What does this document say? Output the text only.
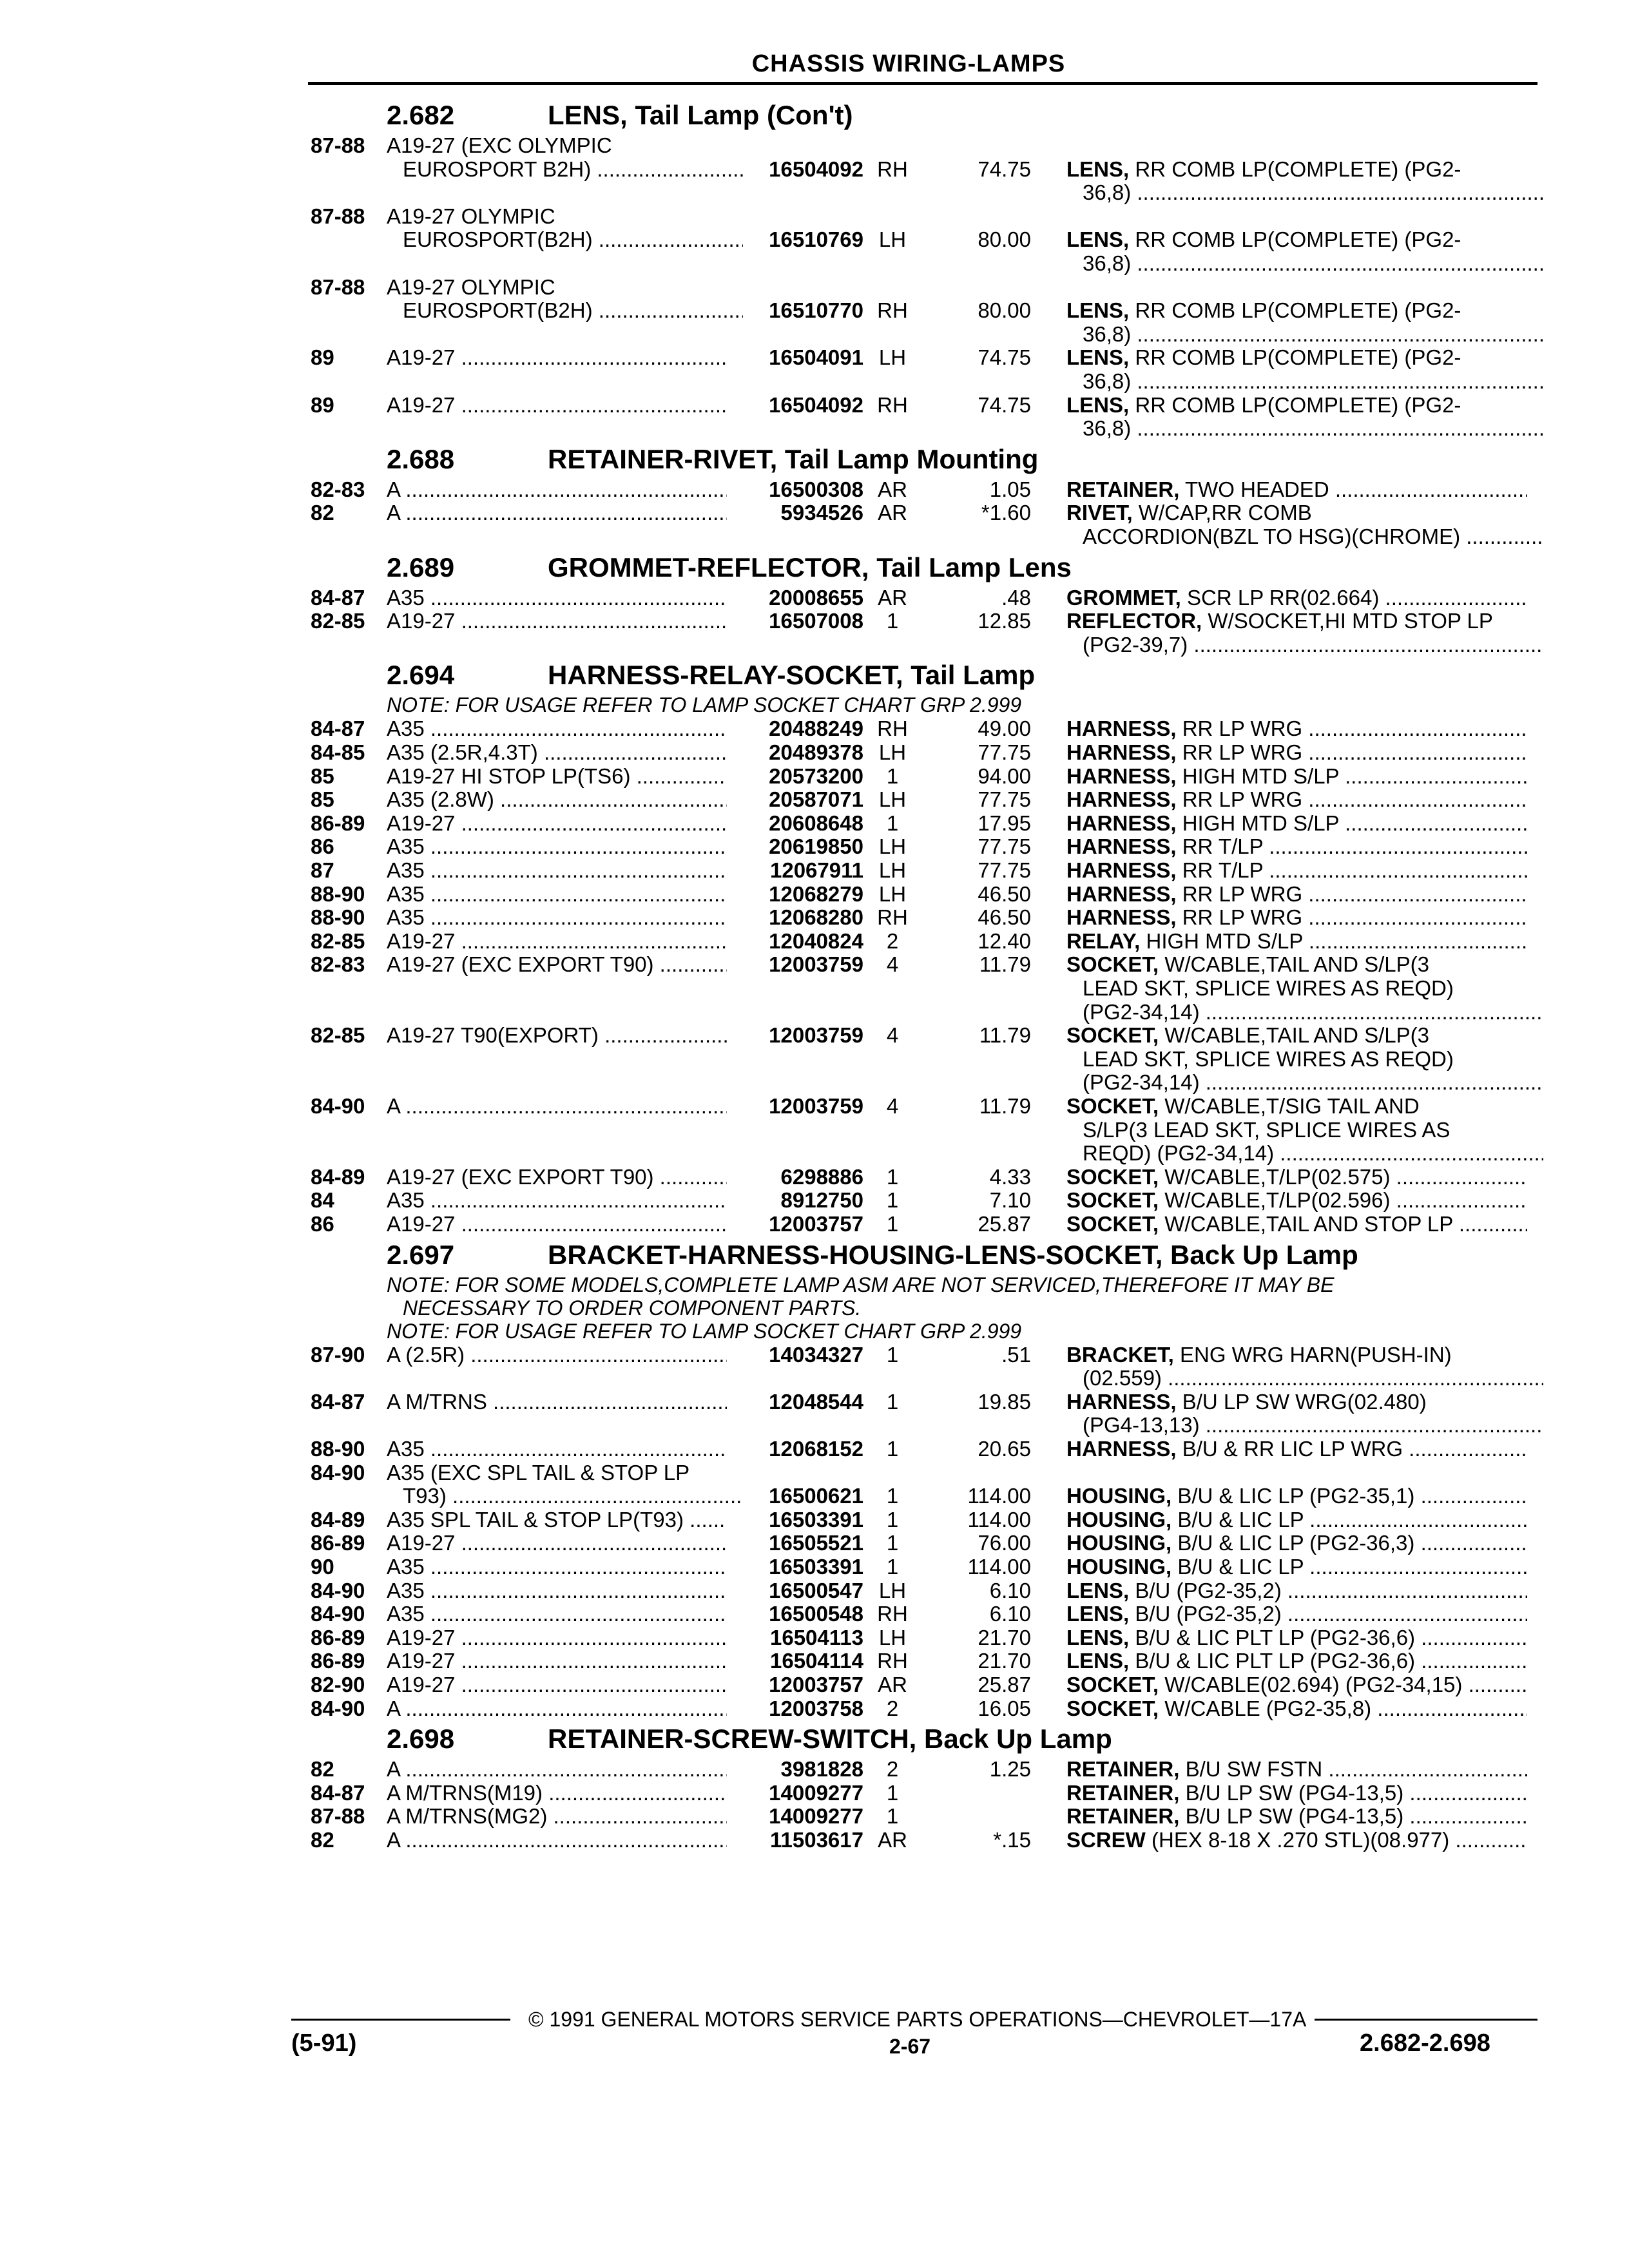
CHASSIS WIRING-LAMPS
2.682	LENS, Tail Lamp (Con't)
87-88 A19-27 (EXC OLYMPIC
EUROSPORT B2H) .....	16504092 RH	74.75 LENS, RR COMB LP(COMPLETE) (PG2-
36,8) .....
87-88 A19-27 OLYMPIC
EUROSPORT(B2H) .....	16510769 LH	80.00 LENS, RR COMB LP(COMPLETE) (PG2-
36,8) .....
87-88 A19-27 OLYMPIC
EUROSPORT(B2H) .....	16510770 RH	80.00 LENS, RR COMB LP(COMPLETE) (PG2-
36,8) .....
89 A19-27 .....	16504091 LH	74.75 LENS, RR COMB LP(COMPLETE) (PG2-
36,8) .....
89 A19-27 .....	16504092 RH	74.75 LENS, RR COMB LP(COMPLETE) (PG2-
36,8) .....
2.688	RETAINER-RIVET, Tail Lamp Mounting
82-83 A .....	16500308 AR	1.05 RETAINER, TWO HEADED .....
82 A .....	5934526 AR	*1.60 RIVET, W/CAP,RR COMB
ACCORDION(BZL TO HSG)(CHROME) .....
2.689	GROMMET-REFLECTOR, Tail Lamp Lens
84-87 A35 .....	20008655 AR	.48 GROMMET, SCR LP RR(02.664) .....
82-85 A19-27 .....	16507008	1	12.85 REFLECTOR, W/SOCKET,HI MTD STOP LP
(PG2-39,7) .....
2.694	HARNESS-RELAY-SOCKET, Tail Lamp
NOTE: FOR USAGE REFER TO LAMP SOCKET CHART GRP 2.999
84-87 A35 .....	20488249 RH	49.00 HARNESS, RR LP WRG .....
84-85 A35 (2.5R,4.3T) .....	20489378 LH	77.75 HARNESS, RR LP WRG .....
85 A19-27 HI STOP LP(TS6) .....	20573200	1	94.00 HARNESS, HIGH MTD S/LP .....
85 A35 (2.8W) .....	20587071 LH	77.75 HARNESS, RR LP WRG .....
86-89 A19-27 .....	20608648	1	17.95 HARNESS, HIGH MTD S/LP .....
86 A35 .....	20619850 LH	77.75 HARNESS, RR T/LP .....
87 A35 .....	12067911 LH	77.75 HARNESS, RR T/LP .....
88-90 A35 .....	12068279 LH	46.50 HARNESS, RR LP WRG .....
88-90 A35 .....	12068280 RH	46.50 HARNESS, RR LP WRG .....
82-85 A19-27 .....	12040824	2	12.40 RELAY, HIGH MTD S/LP .....
82-83 A19-27 (EXC EXPORT T90) .....	12003759	4	11.79 SOCKET, W/CABLE,TAIL AND S/LP(3
LEAD SKT, SPLICE WIRES AS REQD)
(PG2-34,14) .....
82-85 A19-27 T90(EXPORT) .....	12003759	4	11.79 SOCKET, W/CABLE,TAIL AND S/LP(3
LEAD SKT, SPLICE WIRES AS REQD)
(PG2-34,14) .....
84-90 A .....	12003759	4	11.79 SOCKET, W/CABLE,T/SIG TAIL AND
S/LP(3 LEAD SKT, SPLICE WIRES AS
REQD) (PG2-34,14) .....
84-89 A19-27 (EXC EXPORT T90) .....	6298886	1	4.33 SOCKET, W/CABLE,T/LP(02.575) .....
84 A35 .....	8912750	1	7.10 SOCKET, W/CABLE,T/LP(02.596) .....
86 A19-27 .....	12003757	1	25.87 SOCKET, W/CABLE,TAIL AND STOP LP .....
2.697	BRACKET-HARNESS-HOUSING-LENS-SOCKET, Back Up Lamp
NOTE: FOR SOME MODELS,COMPLETE LAMP ASM ARE NOT SERVICED,THEREFORE IT MAY BE
NECESSARY TO ORDER COMPONENT PARTS.
NOTE: FOR USAGE REFER TO LAMP SOCKET CHART GRP 2.999
87-90 A (2.5R) .....	14034327	1	.51 BRACKET, ENG WRG HARN(PUSH-IN)
(02.559) .....
84-87 A M/TRNS .....	12048544	1	19.85 HARNESS, B/U LP SW WRG(02.480)
(PG4-13,13) .....
88-90 A35 .....	12068152	1	20.65 HARNESS, B/U & RR LIC LP WRG .....
84-90 A35 (EXC SPL TAIL & STOP LP
T93) .....	16500621	1	114.00 HOUSING, B/U & LIC LP (PG2-35,1) .....
84-89 A35 SPL TAIL & STOP LP(T93) .....	16503391	1	114.00 HOUSING, B/U & LIC LP .....
86-89 A19-27 .....	16505521	1	76.00 HOUSING, B/U & LIC LP (PG2-36,3) .....
90 A35 .....	16503391	1	114.00 HOUSING, B/U & LIC LP .....
84-90 A35 .....	16500547 LH	6.10 LENS, B/U (PG2-35,2) .....
84-90 A35 .....	16500548 RH	6.10 LENS, B/U (PG2-35,2) .....
86-89 A19-27 .....	16504113 LH	21.70 LENS, B/U & LIC PLT LP (PG2-36,6) .....
86-89 A19-27 .....	16504114 RH	21.70 LENS, B/U & LIC PLT LP (PG2-36,6) .....
82-90 A19-27 .....	12003757 AR	25.87 SOCKET, W/CABLE(02.694) (PG2-34,15) .....
84-90 A .....	12003758	2	16.05 SOCKET, W/CABLE (PG2-35,8) .....
2.698	RETAINER-SCREW-SWITCH, Back Up Lamp
82 A .....	3981828	2	1.25 RETAINER, B/U SW FSTN .....
84-87 A M/TRNS(M19) .....	14009277	1	RETAINER, B/U LP SW (PG4-13,5) .....
87-88 A M/TRNS(MG2) .....	14009277	1	RETAINER, B/U LP SW (PG4-13,5) .....
82 A .....	11503617 AR	*.15 SCREW (HEX 8-18 X .270 STL)(08.977) .....
© 1991 GENERAL MOTORS SERVICE PARTS OPERATIONS—CHEVROLET—17A
(5-91)	2-67	2.682-2.698
